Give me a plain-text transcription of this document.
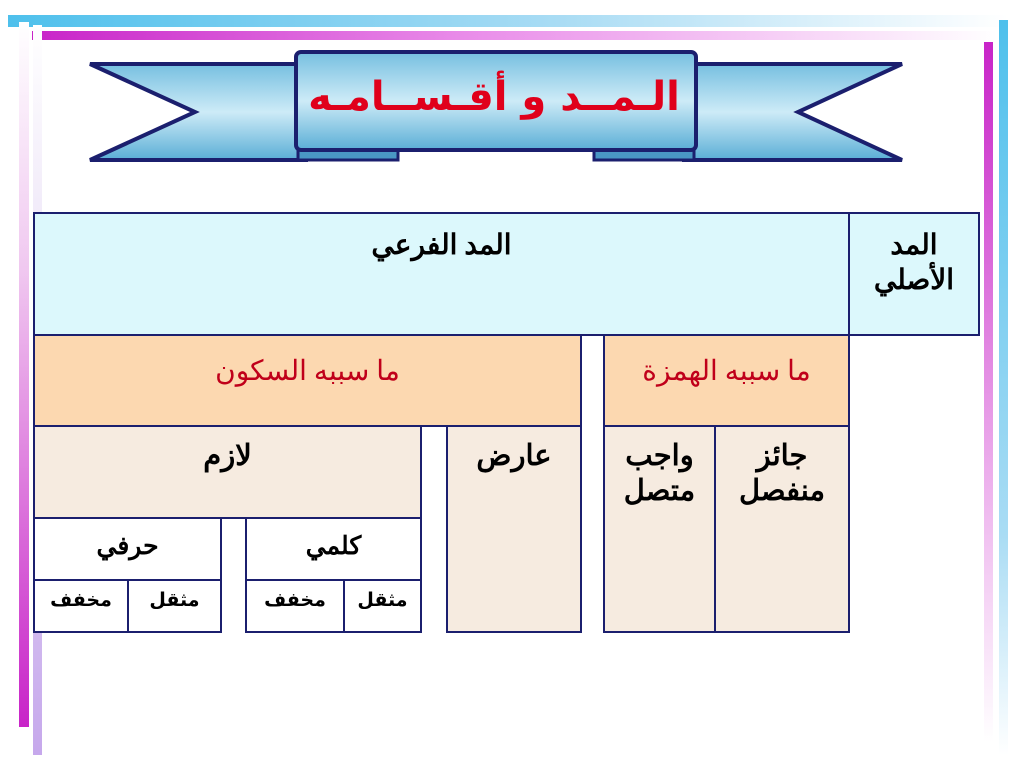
الـمــد و أقـســامـه
المد الأصلي
المد الفرعي
ما سببه الهمزة
ما سببه السكون
جائز منفصل
واجب متصل
عارض
لازم
كلمي
حرفي
مثقل
مخفف
مثقل
مخفف
